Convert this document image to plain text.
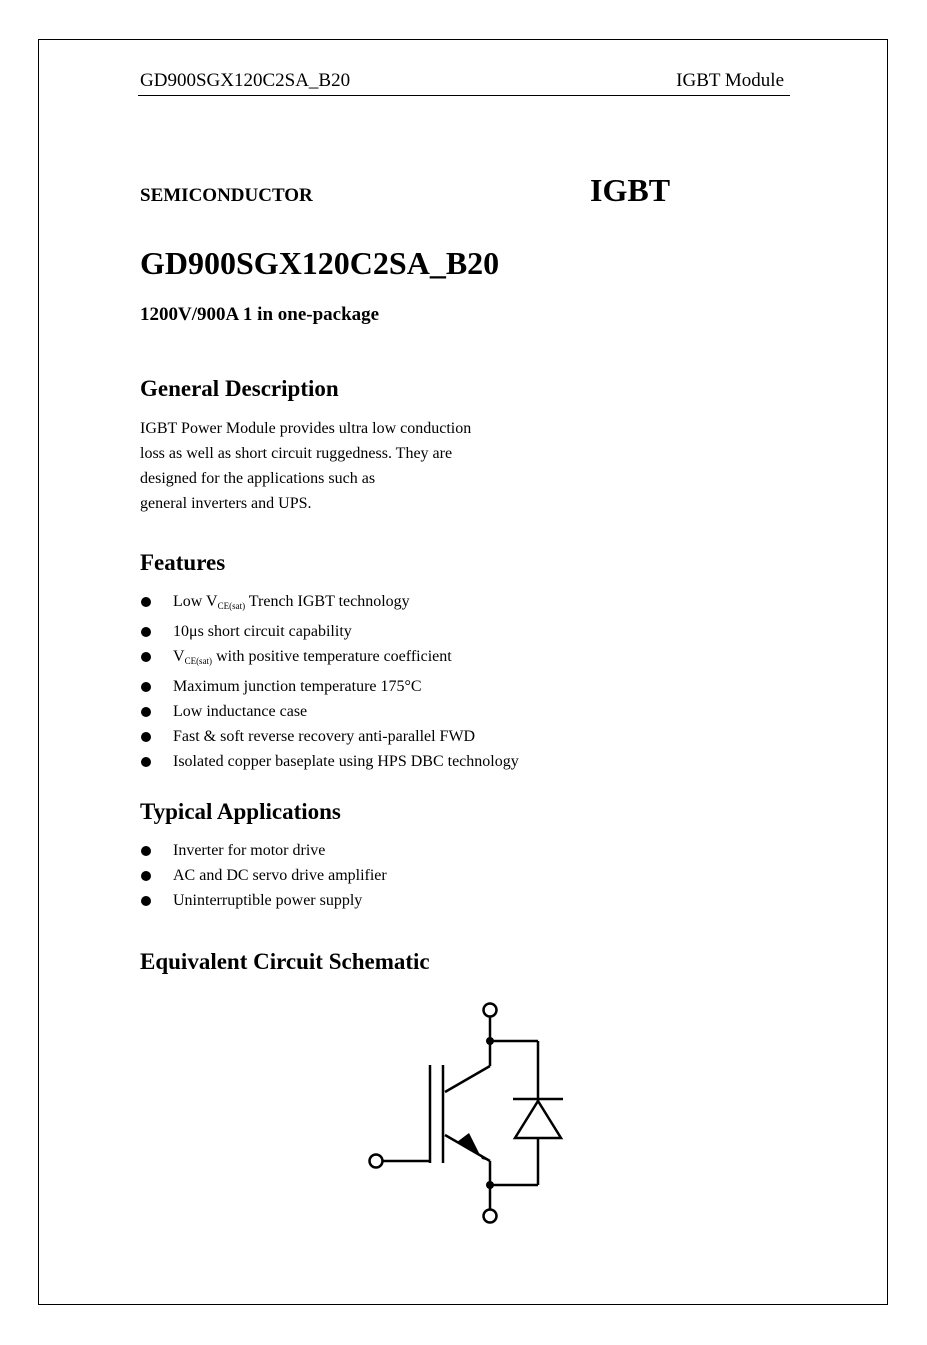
GD900SGX120C2SA_B20	IGBT Module
SEMICONDUCTOR	IGBT
GD900SGX120C2SA_B20
1200V/900A 1 in one-package
General Description
IGBT Power Module provides ultra low conduction
loss as well as short circuit ruggedness. They are
designed for the applications such as
general inverters and UPS.
Features
Low $V_{CE(sat)}$ Trench IGBT technology
10μs short circuit capability
$V_{CE(sat)}$ with positive temperature coefficient
Maximum junction temperature 175°C
Low inductance case
Fast & soft reverse recovery anti-parallel FWD
Isolated copper baseplate using HPS DBC technology
Typical Applications
Inverter for motor drive
AC and DC servo drive amplifier
Uninterruptible power supply
Equivalent Circuit Schematic
